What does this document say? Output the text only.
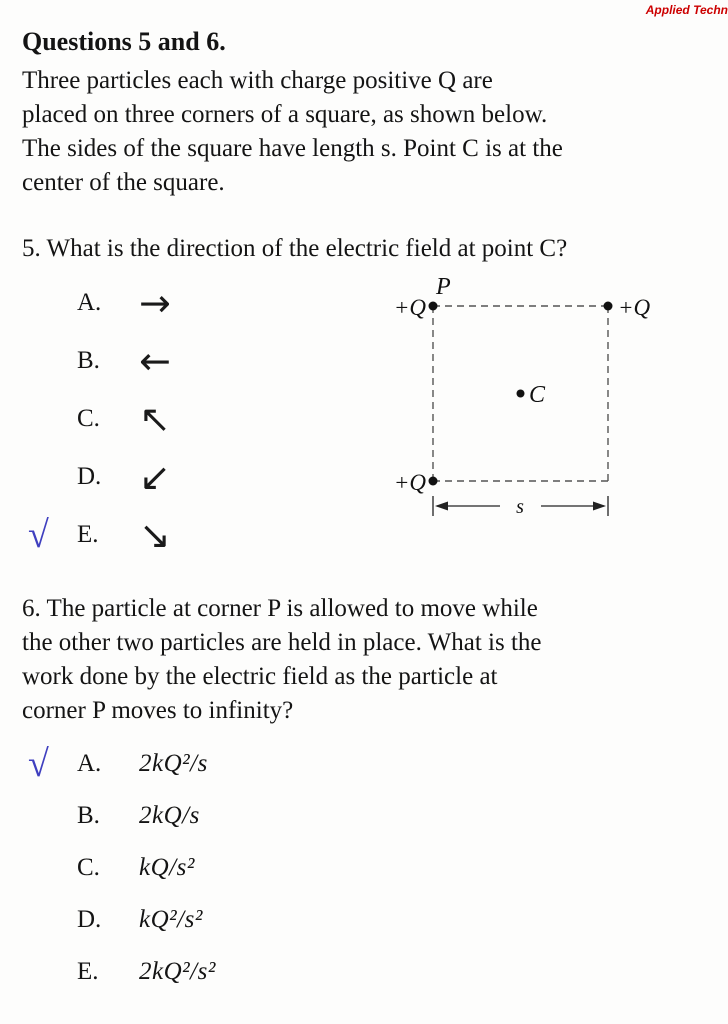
Applied Techn
Questions 5 and 6.
Three particles each with charge positive Q are
placed on three corners of a square, as shown below.
The sides of the square have length s. Point C is at the
center of the square.
5. What is the direction of the electric field at point C?
A. →
B.	←
C.	↖
D. ↙
√	E.	↘
P
+Q	+Q
+Q
C
s
6. The particle at corner P is allowed to move while
the other two particles are held in place. What is the
work done by the electric field as the particle at
corner P moves to infinity?
√	A.	2kQ²/s
B.	2kQ/s
C.	kQ/s²
D.	kQ²/s²
E.	2kQ²/s²
